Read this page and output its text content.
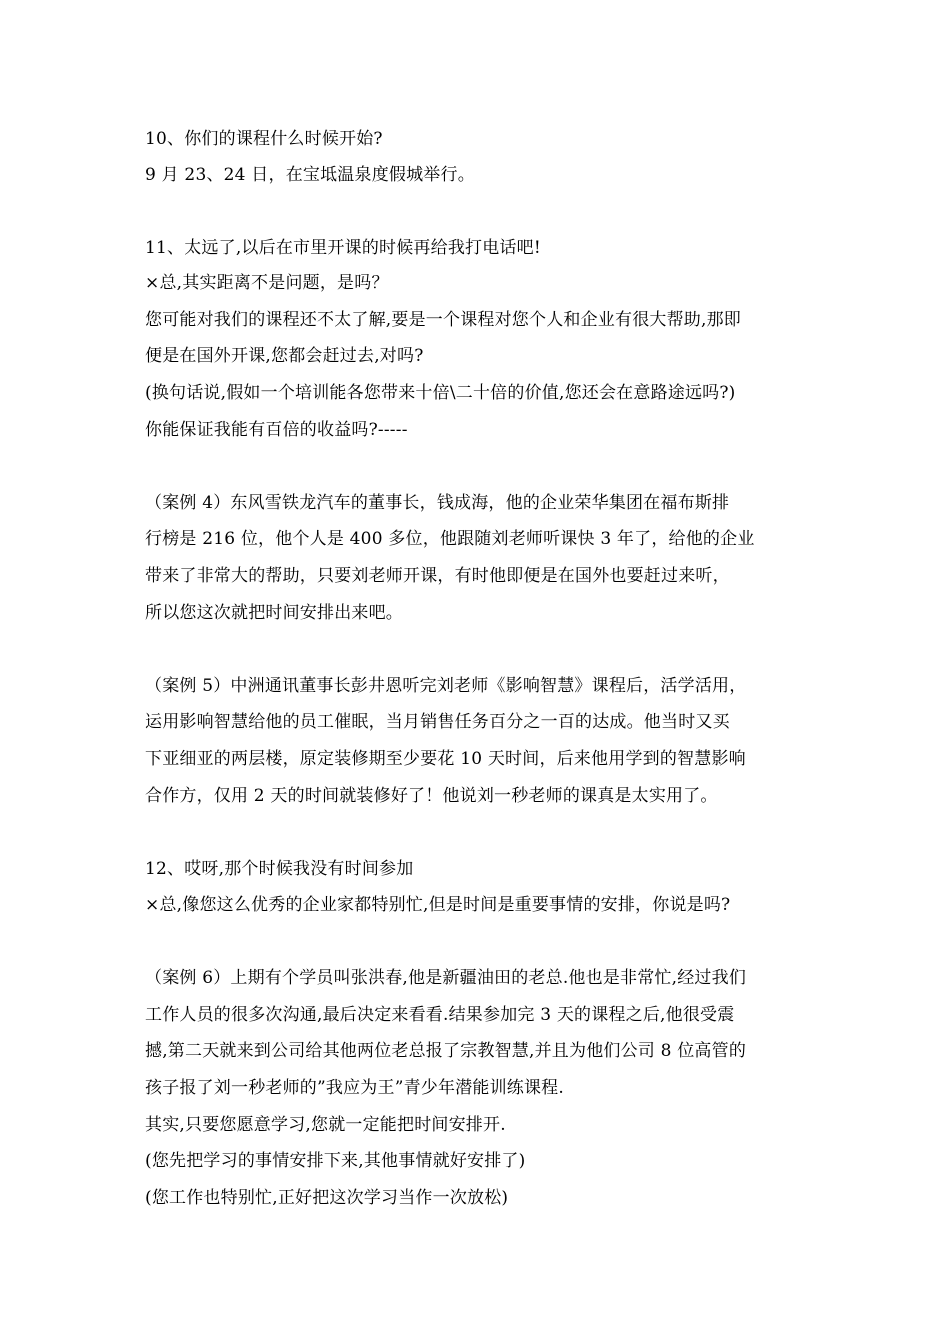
10、你们的课程什么时候开始?
9 月 23、24 日，在宝坻温泉度假城举行。
11、太远了,以后在市里开课的时候再给我打电话吧!
×总,其实距离不是问题，是吗？
您可能对我们的课程还不太了解,要是一个课程对您个人和企业有很大帮助,那即
便是在国外开课,您都会赶过去,对吗?
(换句话说,假如一个培训能各您带来十倍\二十倍的价值,您还会在意路途远吗?)
你能保证我能有百倍的收益吗?-----
（案例 4）东风雪铁龙汽车的董事长，钱成海，他的企业荣华集团在福布斯排
行榜是 216 位，他个人是 400 多位，他跟随刘老师听课快 3 年了，给他的企业
带来了非常大的帮助，只要刘老师开课，有时他即便是在国外也要赶过来听，
所以您这次就把时间安排出来吧。
（案例 5）中洲通讯董事长彭井恩听完刘老师《影响智慧》课程后，活学活用，
运用影响智慧给他的员工催眠，当月销售任务百分之一百的达成。他当时又买
下亚细亚的两层楼，原定装修期至少要花 10 天时间，后来他用学到的智慧影响
合作方，仅用 2 天的时间就装修好了！他说刘一秒老师的课真是太实用了。
12、哎呀,那个时候我没有时间参加
×总,像您这么优秀的企业家都特别忙,但是时间是重要事情的安排，你说是吗?
（案例 6）上期有个学员叫张洪春,他是新疆油田的老总.他也是非常忙,经过我们
工作人员的很多次沟通,最后决定来看看.结果参加完 3 天的课程之后,他很受震
撼,第二天就来到公司给其他两位老总报了宗教智慧,并且为他们公司 8 位高管的
孩子报了刘一秒老师的”我应为王”青少年潜能训练课程.
其实,只要您愿意学习,您就一定能把时间安排开.
(您先把学习的事情安排下来,其他事情就好安排了)
(您工作也特别忙,正好把这次学习当作一次放松)
